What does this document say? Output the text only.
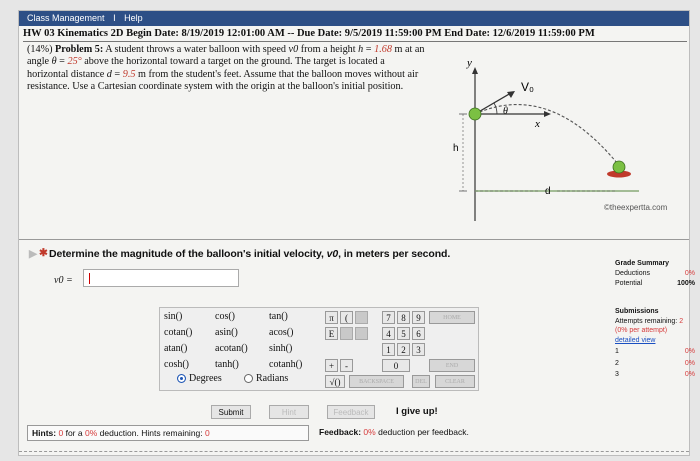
Class Management I Help
HW 03 Kinematics 2D Begin Date: 8/19/2019 12:01:00 AM -- Due Date: 9/5/2019 11:59:00 PM End Date: 12/6/2019 11:59:00 PM
(14%) Problem 5: A student throws a water balloon with speed v0 from a height h = 1.68 m at an angle θ = 25° above the horizontal toward a target on the ground. The target is located a horizontal distance d = 9.5 m from the student's feet. Assume that the balloon moves without air resistance. Use a Cartesian coordinate system with the origin at the balloon's initial position.
y
x
V₀
θ
h
d
©theexpertta.com
▶ ✱ Determine the magnitude of the balloon's initial velocity, v0, in meters per second.
v0 =
Degrees	Radians
Grade Summary
Deductions	0%
Potential	100%
Submissions
Attempts remaining: 2
(0% per attempt)
detailed view
1	0%
2	0%
3	0%
Submit	Hint	Feedback	I give up!
Hints: 0 for a 0% deduction. Hints remaining: 0	Feedback: 0% deduction per feedback.
sin()	cos()	tan()
cotan() asin()	acos()
atan()	acotan() sinh()
cosh()	tanh()	cotanh()
π	(	)
E	)	)
7	8	9
4	5	6
1	2	3
+	-	0
√()
HOME
END
BACKSPACE	DEL	CLEAR
